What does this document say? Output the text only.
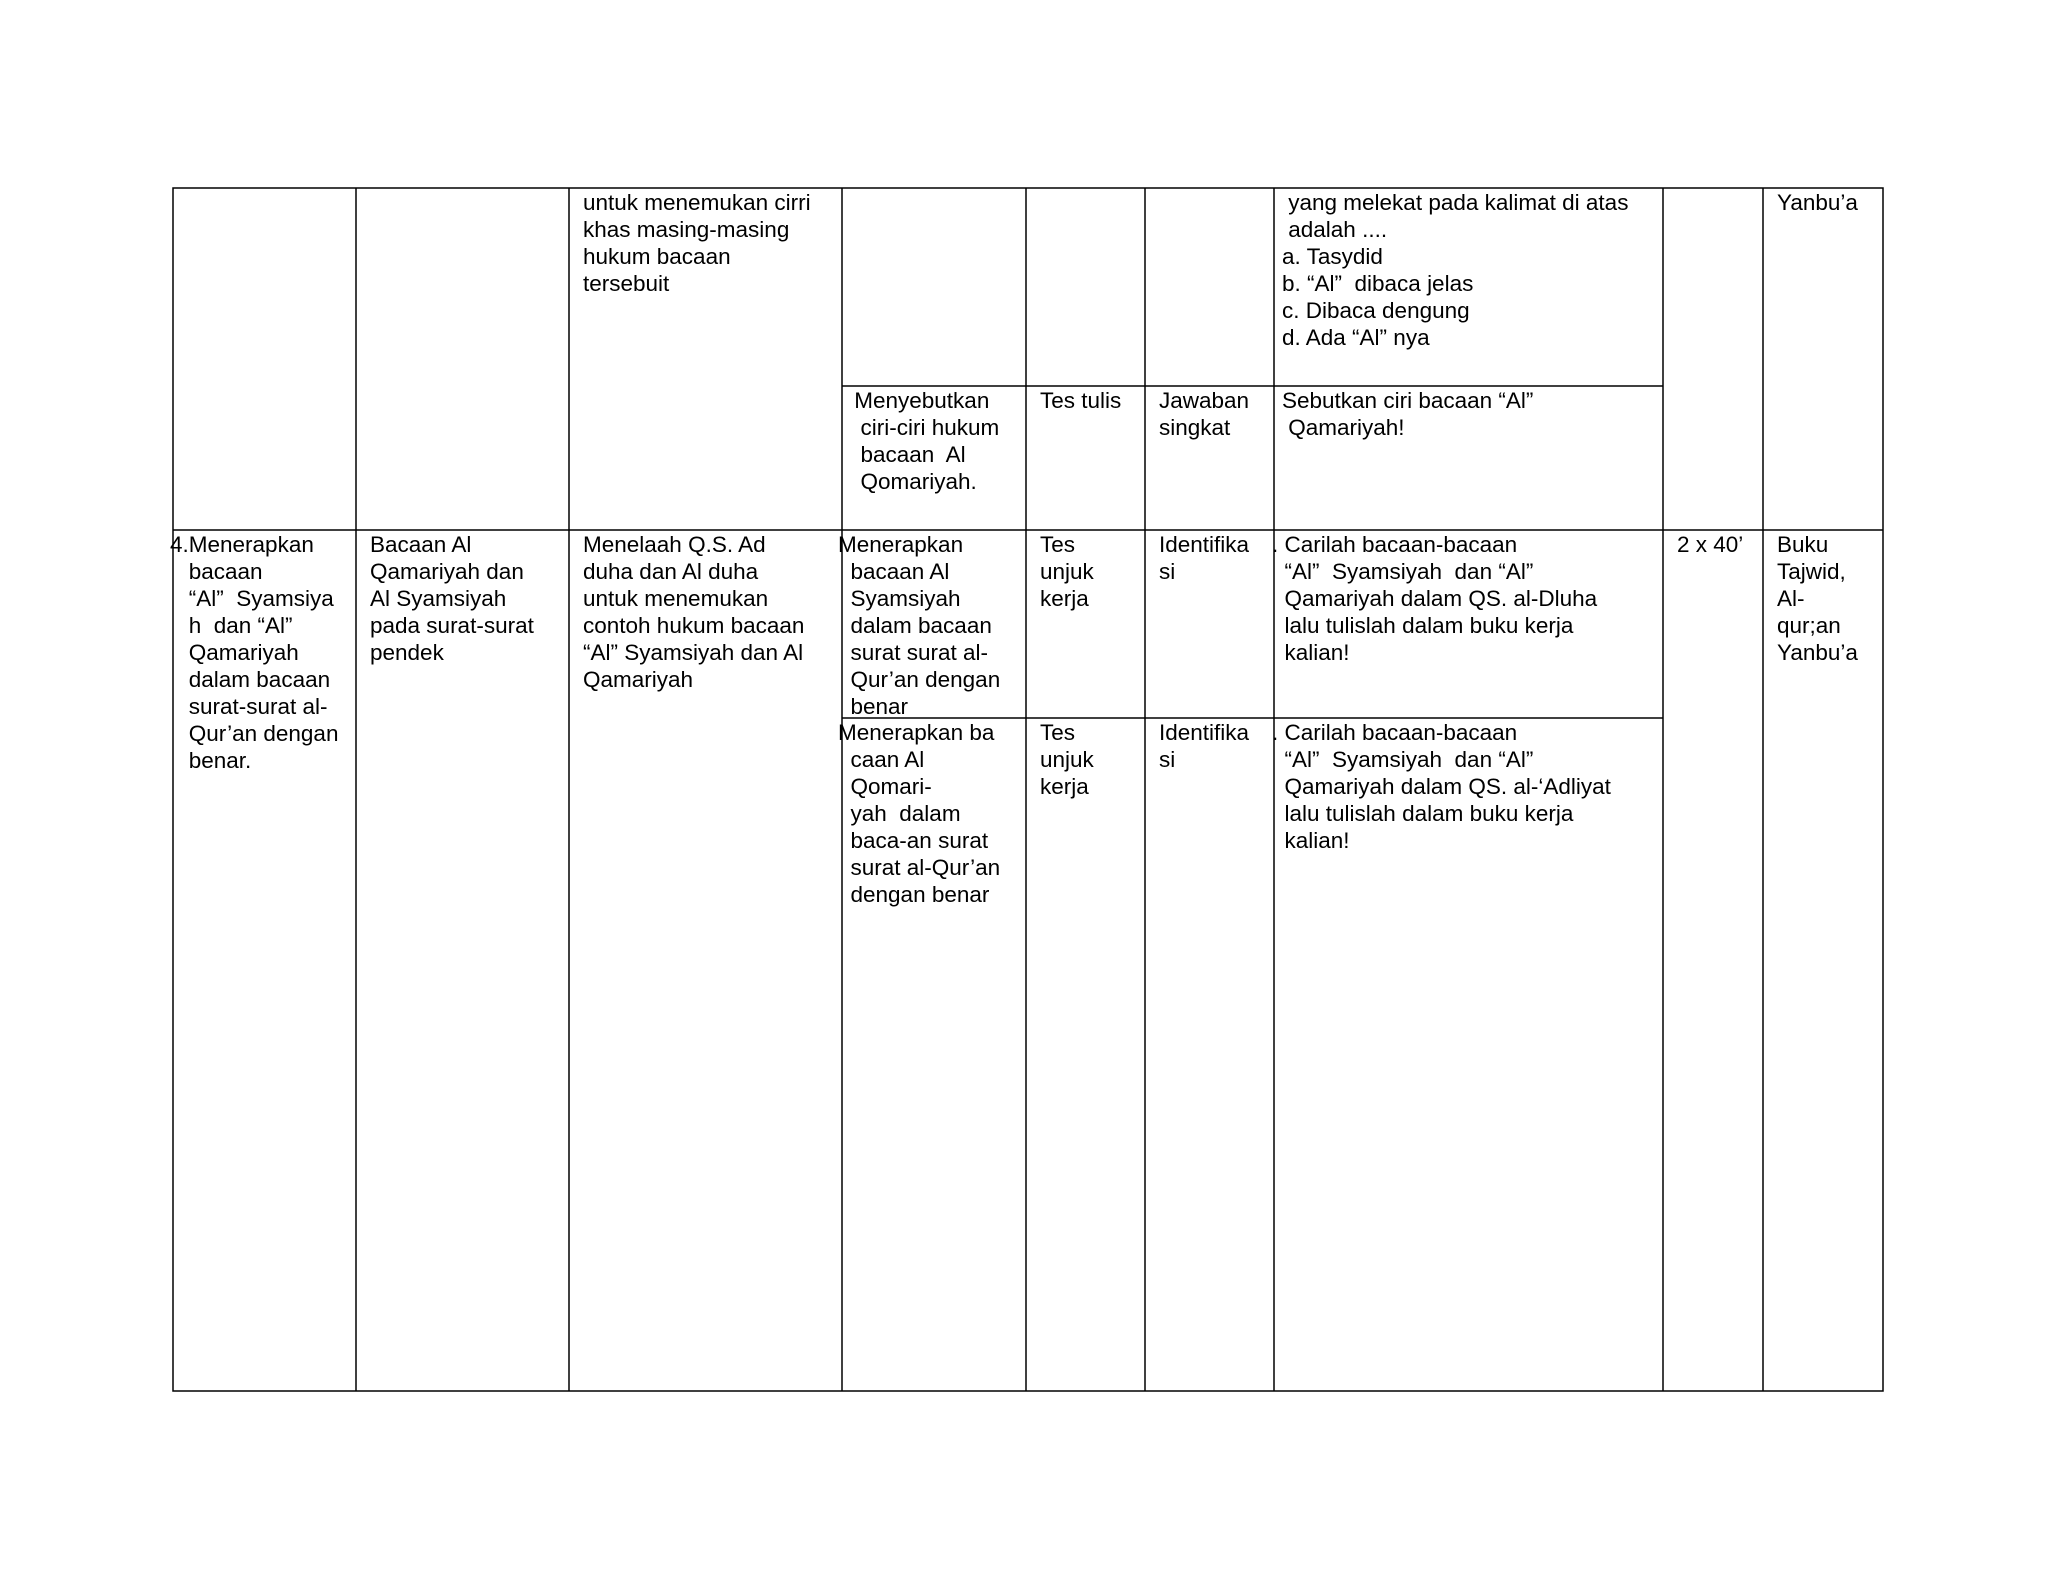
untuk menemukan cirri
khas masing-masing
hukum bacaan
tersebuit
yang melekat pada kalimat di atas
adalah ....
a. Tasydid
b. “Al”  dibaca jelas
c. Dibaca dengung
d. Ada “Al” nya
Yanbu’a
Menyebutkan
ciri-ciri hukum
bacaan  Al
Qomariyah.
Tes tulis Jawaban
singkat
Sebutkan ciri bacaan “Al”
Qamariyah!
4.Menerapkan
bacaan
“Al”  Syamsiya
h  dan “Al”
Qamariyah
dalam bacaan
surat-surat al-
Qur’an dengan
benar.
Bacaan Al
Qamariyah dan
Al Syamsiyah
pada surat-surat
pendek
Menelaah Q.S. Ad
duha dan Al duha
untuk menemukan
contoh hukum bacaan
“Al” Syamsiyah dan Al
Qamariyah
2 x 40’ Buku
Tajwid,
Al-
qur;an
Yanbu’a
Menerapkan
bacaan Al
Syamsiyah
dalam bacaan
surat surat al-
Qur’an dengan
benar
Tes
unjuk
kerja
Identifika
si
. Carilah bacaan-bacaan
“Al”  Syamsiyah  dan “Al”
Qamariyah dalam QS. al-Dluha
lalu tulislah dalam buku kerja
kalian!
Menerapkan ba
caan Al
Qomari-
yah  dalam
baca-an surat
surat al-Qur’an
dengan benar
Tes
unjuk
kerja
Identifika
si
. Carilah bacaan-bacaan
“Al”  Syamsiyah  dan “Al”
Qamariyah dalam QS. al-‘Adliyat
lalu tulislah dalam buku kerja
kalian!
